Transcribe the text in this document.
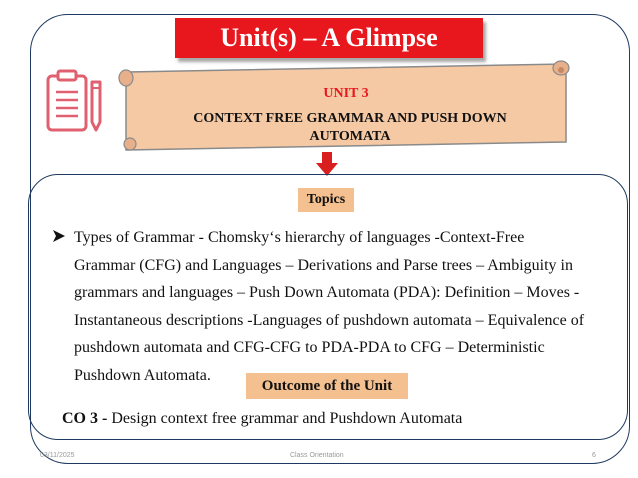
Unit(s) – A Glimpse
UNIT 3
CONTEXT FREE GRAMMAR AND PUSH DOWN
AUTOMATA
Topics
Types of Grammar - Chomsky‘s hierarchy of languages -Context-Free
Grammar (CFG) and Languages – Derivations and Parse trees – Ambiguity in
grammars and languages – Push Down Automata (PDA): Definition – Moves -
Instantaneous descriptions -Languages of pushdown automata – Equivalence of
pushdown automata and CFG-CFG to PDA-PDA to CFG – Deterministic
Pushdown Automata.
Outcome of the Unit
CO 3 - Design context free grammar and Pushdown Automata
03/11/2025	Class Orientation	6
